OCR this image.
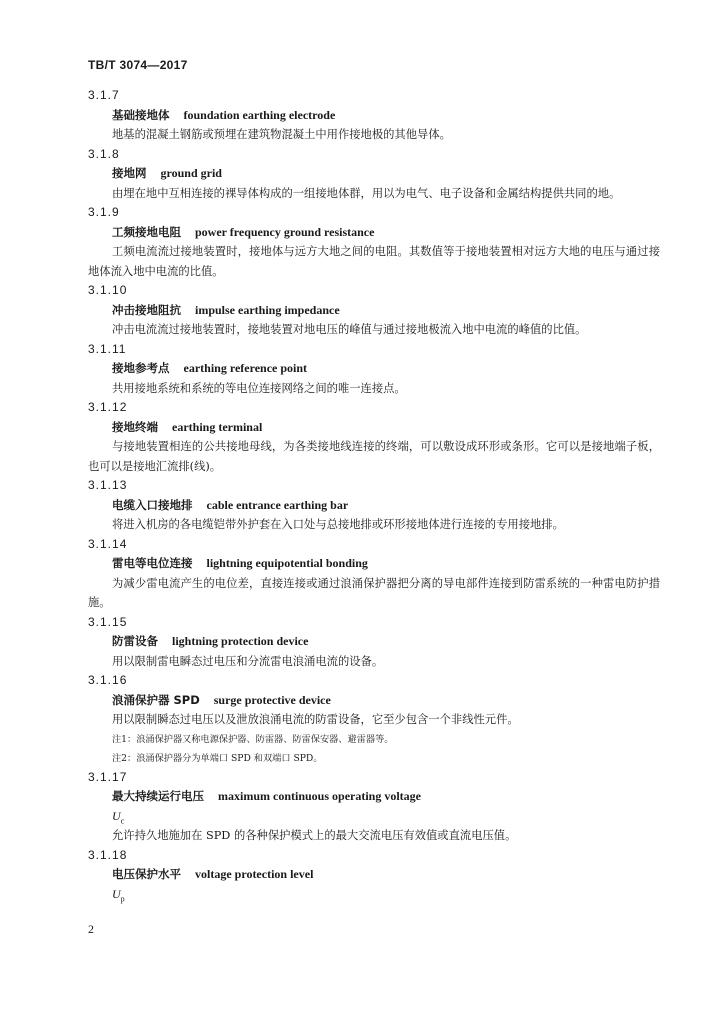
TB/T 3074—2017

3.1.7

基础接地体 foundation earthing electrode

地基的混凝土钢筋或预埋在建筑物混凝土中用作接地极的其他导体。

3.1.8

接地网 ground grid

由埋在地中互相连接的裸导体构成的一组接地体群，用以为电气、电子设备和金属结构提供共同的地。

3.1.9

工频接地电阻 power frequency ground resistance

工频电流流过接地装置时，接地体与远方大地之间的电阻。其数值等于接地装置相对远方大地的电压与通过接地体流入地中电流的比值。

3.1.10

冲击接地阻抗 impulse earthing impedance

冲击电流流过接地装置时，接地装置对地电压的峰值与通过接地极流入地中电流的峰值的比值。

3.1.11

接地参考点 earthing reference point

共用接地系统和系统的等电位连接网络之间的唯一连接点。

3.1.12

接地终端 earthing terminal

与接地装置相连的公共接地母线，为各类接地线连接的终端，可以敷设成环形或条形。它可以是接地端子板，也可以是接地汇流排(线)。

3.1.13

电缆入口接地排 cable entrance earthing bar

将进入机房的各电缆铠带外护套在入口处与总接地排或环形接地体进行连接的专用接地排。

3.1.14

雷电等电位连接 lightning equipotential bonding

为减少雷电流产生的电位差，直接连接或通过浪涌保护器把分离的导电部件连接到防雷系统的一种雷电防护措施。

3.1.15

防雷设备 lightning protection device

用以限制雷电瞬态过电压和分流雷电浪涌电流的设备。

3.1.16

浪涌保护器 SPD surge protective device

用以限制瞬态过电压以及泄放浪涌电流的防雷设备，它至少包含一个非线性元件。

注1：浪涌保护器又称电源保护器、防雷器、防雷保安器、避雷器等。

注2：浪涌保护器分为单端口 SPD 和双端口 SPD。

3.1.17

最大持续运行电压 maximum continuous operating voltage

$U_c$

允许持久地施加在 SPD 的各种保护模式上的最大交流电压有效值或直流电压值。

3.1.18

电压保护水平 voltage protection level

$U_p$

2
